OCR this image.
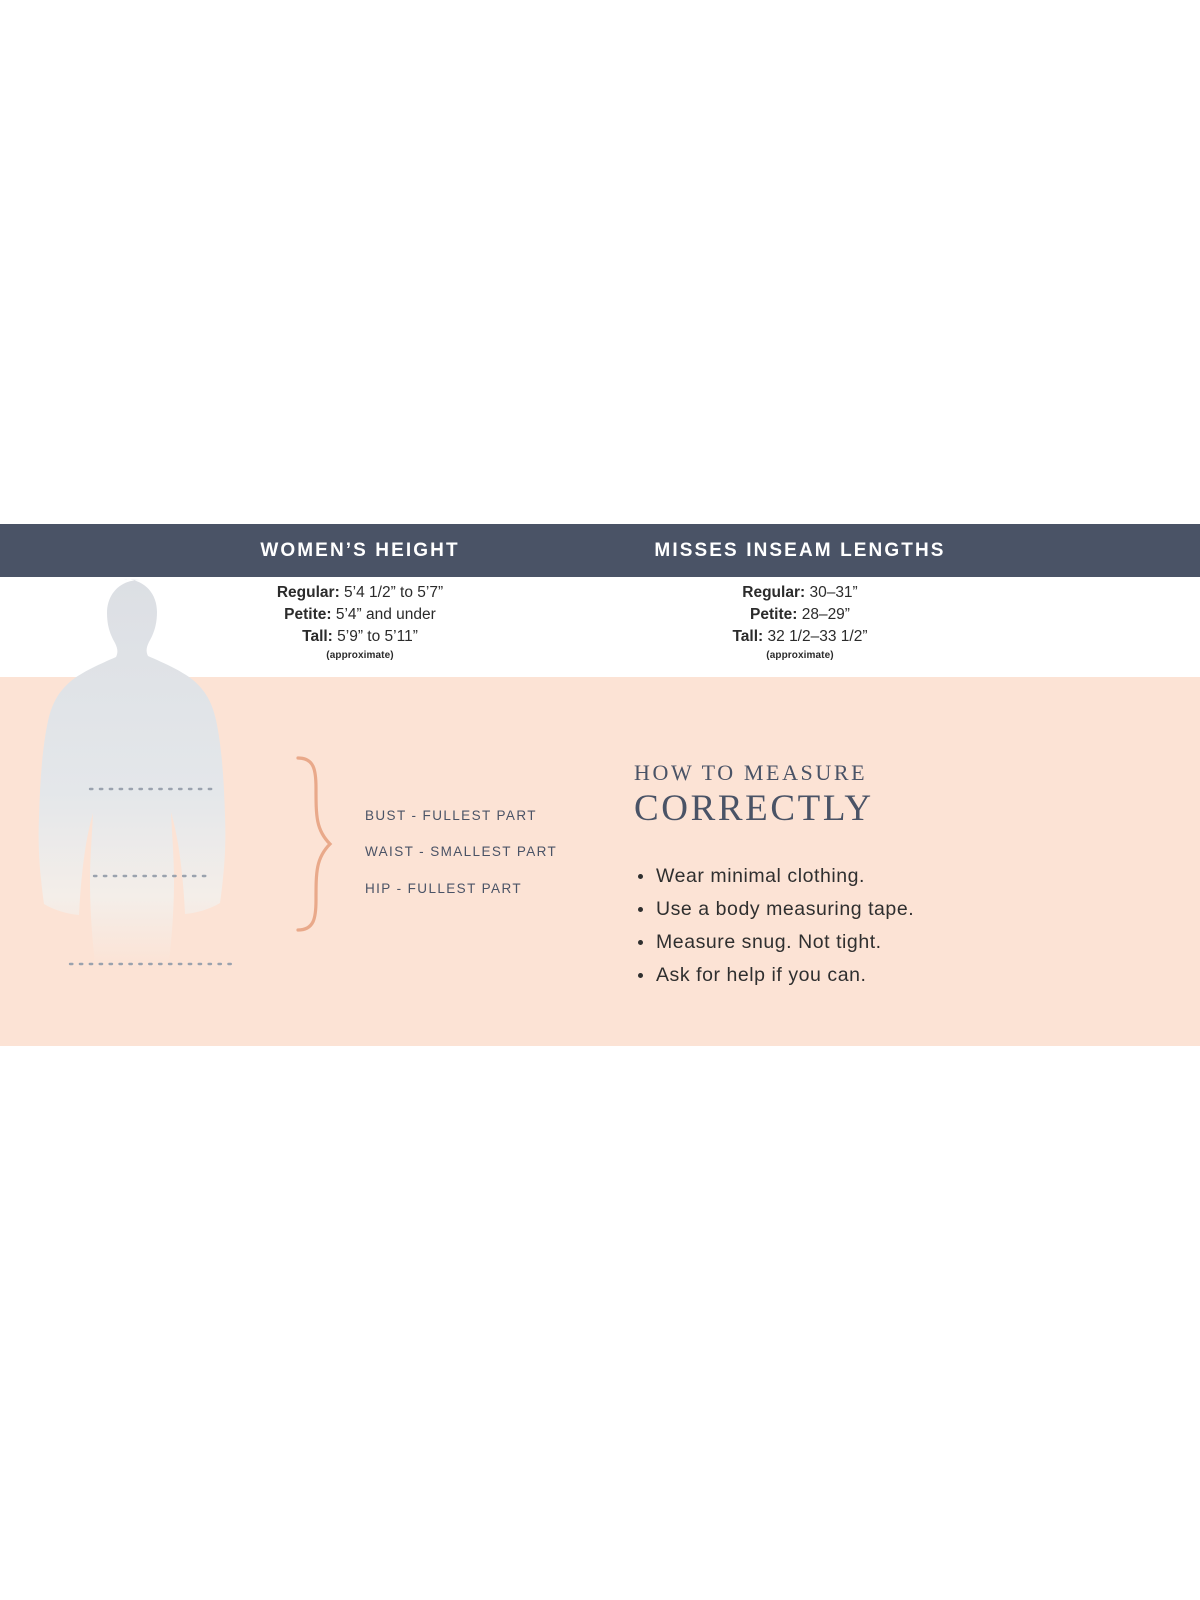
WOMEN’S HEIGHT	MISSES INSEAM LENGTHS
Regular: 5’4 1/2” to 5’7”
Petite: 5’4” and under
Tall: 5’9” to 5’11”
(approximate)
Regular: 30–31”
Petite: 28–29”
Tall: 32 1/2–33 1/2”
(approximate)
BUST - FULLEST PART
WAIST - SMALLEST PART
HIP - FULLEST PART
HOW TO MEASURE
CORRECTLY
Wear minimal clothing.
Use a body measuring tape.
Measure snug. Not tight.
Ask for help if you can.
